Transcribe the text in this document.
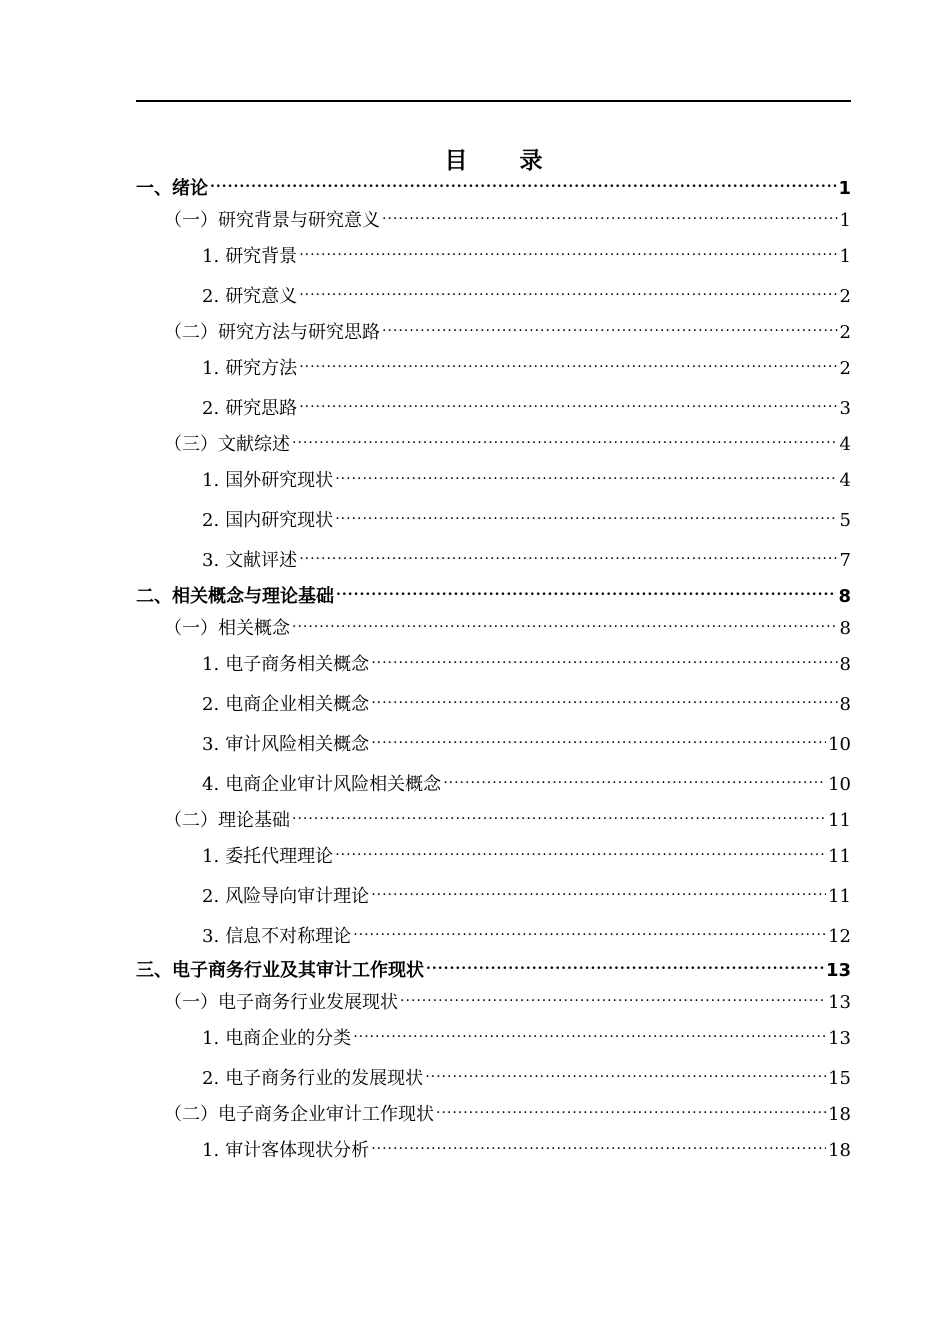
目 录
一、绪论 .....	1
（一）研究背景与研究意义 .....	1
1. 研究背景 .....	1
2. 研究意义 .....	2
（二）研究方法与研究思路 .....	2
1. 研究方法 .....	2
2. 研究思路 .....	3
（三）文献综述 .....	4
1. 国外研究现状 .....	4
2. 国内研究现状 .....	5
3. 文献评述 .....	7
二、相关概念与理论基础 .....	8
（一）相关概念 .....	8
1. 电子商务相关概念 .....	8
2. 电商企业相关概念 .....	8
3. 审计风险相关概念 .....	10
4. 电商企业审计风险相关概念 .....	10
（二）理论基础 .....	11
1. 委托代理理论 .....	11
2. 风险导向审计理论 .....	11
3. 信息不对称理论 .....	12
三、电子商务行业及其审计工作现状 .....	13
（一）电子商务行业发展现状 .....	13
1. 电商企业的分类 .....	13
2. 电子商务行业的发展现状 .....	15
（二）电子商务企业审计工作现状 .....	18
1. 审计客体现状分析 .....	18
